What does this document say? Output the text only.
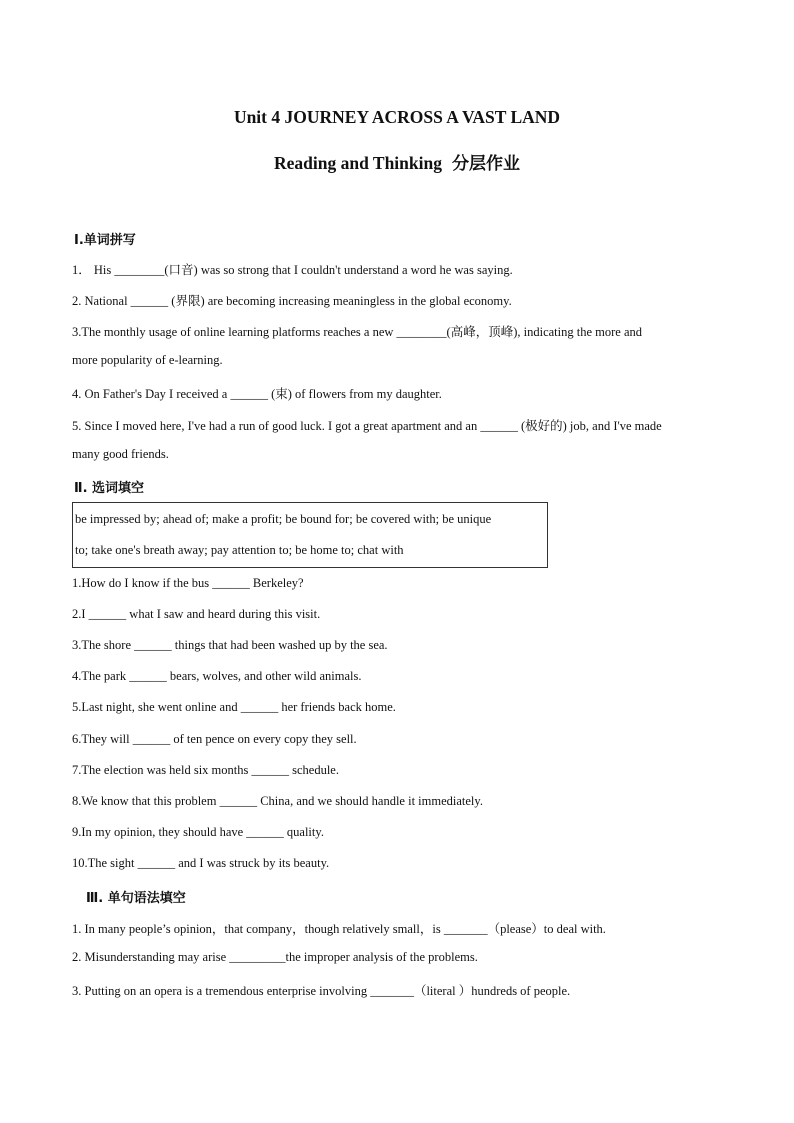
Unit 4 JOURNEY ACROSS A VAST LAND
Reading and Thinking 分层作业
Ⅰ.单词拼写
1． His ________(口音) was so strong that I couldn't understand a word he was saying.
2. National ______ (界限) are becoming increasing meaningless in the global economy.
3.The monthly usage of online learning platforms reaches a new ________(高峰，顶峰), indicating the more and
more popularity of e-learning.
4. On Father's Day I received a ______ (束) of flowers from my daughter.
5. Since I moved here, I've had a run of good luck. I got a great apartment and an ______ (极好的) job, and I've made
many good friends.
Ⅱ. 选词填空
be impressed by; ahead of; make a profit; be bound for; be covered with; be unique
to; take one's breath away; pay attention to; be home to; chat with
1.How do I know if the bus ______ Berkeley?
2.I ______ what I saw and heard during this visit.
3.The shore ______ things that had been washed up by the sea.
4.The park ______ bears, wolves, and other wild animals.
5.Last night, she went online and ______ her friends back home.
6.They will ______ of ten pence on every copy they sell.
7.The election was held six months ______ schedule.
8.We know that this problem ______ China, and we should handle it immediately.
9.In my opinion, they should have ______ quality.
10.The sight ______ and I was struck by its beauty.
Ⅲ. 单句语法填空
1. In many people’s opinion，that company，though relatively small，is _______（please）to deal with.
2. Misunderstanding may arise _________the improper analysis of the problems.
3. Putting on an opera is a tremendous enterprise involving _______（literal ）hundreds of people.
